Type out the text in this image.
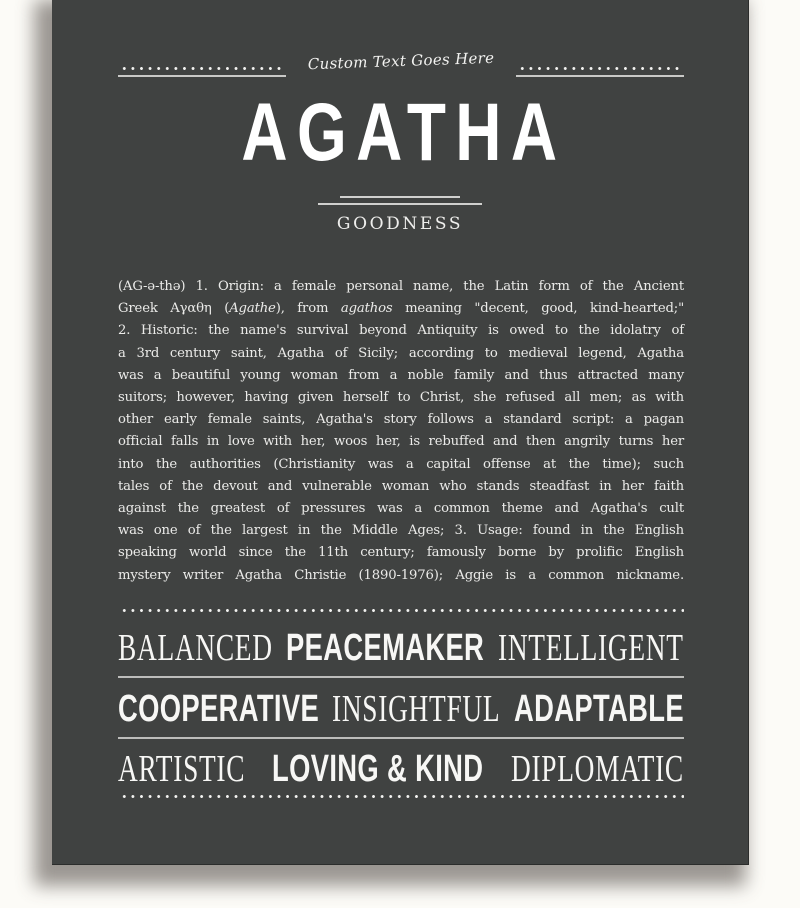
Custom Text Goes Here
AGATHA
GOODNESS
(AG-ə-thə) 1. Origin: a female personal name, the Latin form of the Ancient
Greek Αγαθη (Agathe), from agathos meaning "decent, good, kind-hearted;"
2. Historic: the name's survival beyond Antiquity is owed to the idolatry of
a 3rd century saint, Agatha of Sicily; according to medieval legend, Agatha
was a beautiful young woman from a noble family and thus attracted many
suitors; however, having given herself to Christ, she refused all men; as with
other early female saints, Agatha's story follows a standard script: a pagan
official falls in love with her, woos her, is rebuffed and then angrily turns her
into the authorities (Christianity was a capital offense at the time); such
tales of the devout and vulnerable woman who stands steadfast in her faith
against the greatest of pressures was a common theme and Agatha's cult
was one of the largest in the Middle Ages; 3. Usage: found in the English
speaking world since the 11th century; famously borne by prolific English
mystery writer Agatha Christie (1890-1976); Aggie is a common nickname.
BALANCED PEACEMAKER INTELLIGENT
COOPERATIVE INSIGHTFUL ADAPTABLE
ARTISTIC LOVING & KIND DIPLOMATIC
